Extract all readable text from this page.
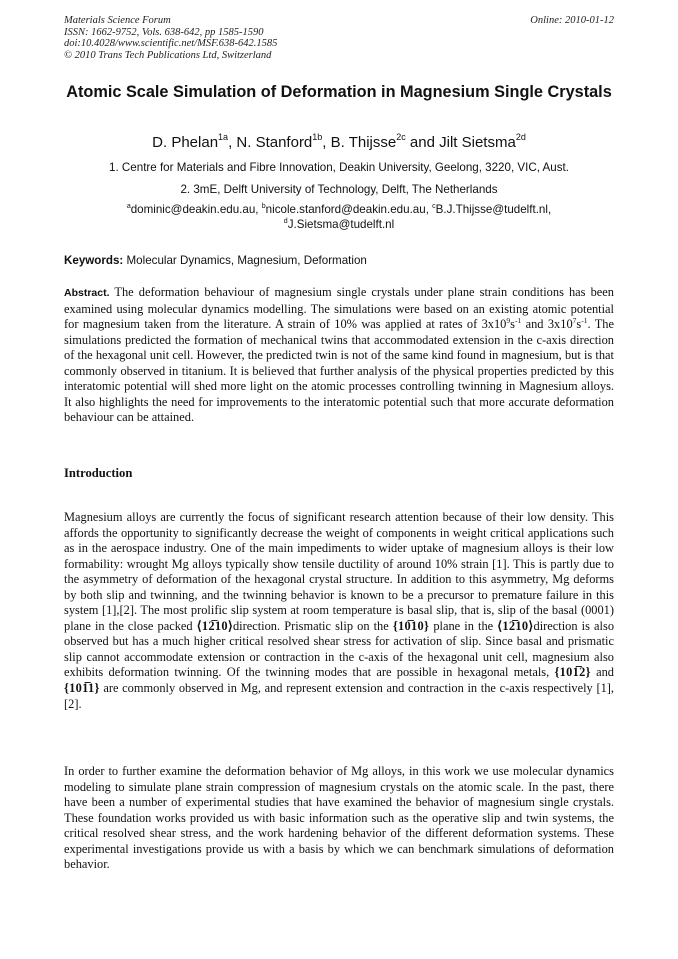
Materials Science Forum
ISSN: 1662-9752, Vols. 638-642, pp 1585-1590
doi:10.4028/www.scientific.net/MSF.638-642.1585
© 2010 Trans Tech Publications Ltd, Switzerland
Online: 2010-01-12
Atomic Scale Simulation of Deformation in Magnesium Single Crystals
D. Phelan$^{1a}$, N. Stanford$^{1b}$, B. Thijsse$^{2c}$ and Jilt Sietsma$^{2d}$
1. Centre for Materials and Fibre Innovation, Deakin University, Geelong, 3220, VIC, Aust.
2. 3mE, Delft University of Technology, Delft, The Netherlands
$^a$dominic@deakin.edu.au, $^b$nicole.stanford@deakin.edu.au, $^c$B.J.Thijsse@tudelft.nl,
$^d$J.Sietsma@tudelft.nl
Keywords: Molecular Dynamics, Magnesium, Deformation
Abstract. The deformation behaviour of magnesium single crystals under plane strain conditions has been examined using molecular dynamics modelling. The simulations were based on an existing atomic potential for magnesium taken from the literature. A strain of 10% was applied at rates of $3x10^9s^{-1}$ and $3x10^7s^{-1}$. The simulations predicted the formation of mechanical twins that accommodated extension in the c-axis direction of the hexagonal unit cell. However, the predicted twin is not of the same kind found in magnesium, but is that commonly observed in titanium. It is believed that further analysis of the physical properties predicted by this interatomic potential will shed more light on the atomic processes controlling twinning in Magnesium alloys. It also highlights the need for improvements to the interatomic potential such that more accurate deformation behaviour can be attained.
Introduction
Magnesium alloys are currently the focus of significant research attention because of their low density. This affords the opportunity to significantly decrease the weight of components in weight critical applications such as in the aerospace industry. One of the main impediments to wider uptake of magnesium alloys is their low formability: wrought Mg alloys typically show tensile ductility of around 10% strain [1]. This is partly due to the asymmetry of deformation of the hexagonal crystal structure. In addition to this asymmetry, Mg deforms by both slip and twinning, and the twinning behavior is known to be a precursor to premature failure in this system [1],[2]. The most prolific slip system at room temperature is basal slip, that is, slip of the basal (0001) plane in the close packed ⟨12̅10⟩direction. Prismatic slip on the {10̅10} plane in the ⟨12̅10⟩direction is also observed but has a much higher critical resolved shear stress for activation of slip. Since basal and prismatic slip cannot accommodate extension or contraction in the c-axis of the hexagonal unit cell, magnesium also exhibits deformation twinning. Of the twinning modes that are possible in hexagonal metals, {101̅2} and {101̅1} are commonly observed in Mg, and represent extension and contraction in the c-axis respectively [1], [2].
In order to further examine the deformation behavior of Mg alloys, in this work we use molecular dynamics modeling to simulate plane strain compression of magnesium crystals on the atomic scale. In the past, there have been a number of experimental studies that have examined the behavior of magnesium single crystals. These foundation works provided us with basic information such as the operative slip and twin systems, the critical resolved shear stress, and the work hardening behavior of the different deformation systems. These experimental investigations provide us with a basis by which we can benchmark simulations of deformation behavior.
